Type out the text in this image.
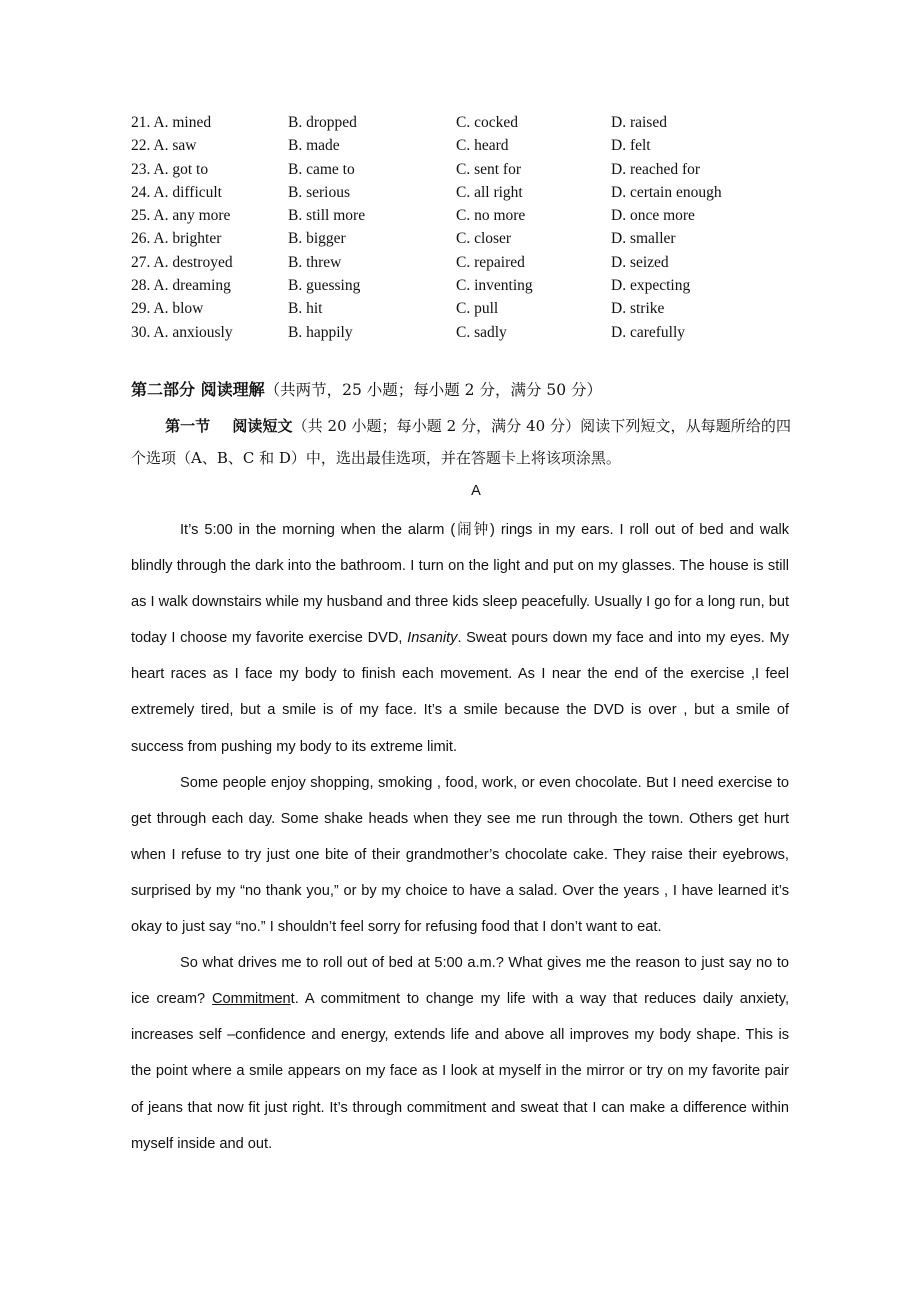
21. A. mined	B. dropped	C. cocked	D. raised
22. A. saw	B. made	C. heard	D. felt
23. A. got to	B. came to	C. sent for	D. reached for
24. A. difficult	B. serious	C. all right	D. certain enough
25. A. any more	B. still more	C. no more	D. once more
26. A. brighter	B. bigger	C. closer	D. smaller
27. A. destroyed	B. threw	C. repaired	D. seized
28. A. dreaming	B. guessing	C. inventing	D. expecting
29. A. blow	B. hit	C. pull	D. strike
30. A. anxiously	B. happily	C. sadly	D. carefully
第二部分 阅读理解（共两节，25 小题；每小题 2 分，满分 50 分）
第一节 阅读短文（共 20 小题；每小题 2 分，满分 40 分）阅读下列短文，从每题所给的四个选项（A、B、C 和 D）中，选出最佳选项，并在答题卡上将该项涂黑。
A

It’s 5:00 in the morning when the alarm (闹钟) rings in my ears. I roll out of bed and walk blindly through the dark into the bathroom. I turn on the light and put on my glasses. The house is still as I walk downstairs while my husband and three kids sleep peacefully. Usually I go for a long run, but today I choose my favorite exercise DVD, Insanity. Sweat pours down my face and into my eyes. My heart races as I face my body to finish each movement. As I near the end of the exercise ,I feel extremely tired, but a smile is of my face. It’s a smile because the DVD is over , but a smile of success from pushing my body to its extreme limit.

Some people enjoy shopping, smoking , food, work, or even chocolate. But I need exercise to get through each day. Some shake heads when they see me run through the town. Others get hurt when I refuse to try just one bite of their grandmother’s chocolate cake. They raise their eyebrows, surprised by my “no thank you,” or by my choice to have a salad. Over the years , I have learned it’s okay to just say “no.” I shouldn’t feel sorry for refusing food that I don’t want to eat.

So what drives me to roll out of bed at 5:00 a.m.? What gives me the reason to just say no to ice cream? Commitment. A commitment to change my life with a way that reduces daily anxiety, increases self –confidence and energy, extends life and above all improves my body shape. This is the point where a smile appears on my face as I look at myself in the mirror or try on my favorite pair of jeans that now fit just right. It’s through commitment and sweat that I can make a difference within myself inside and out.
